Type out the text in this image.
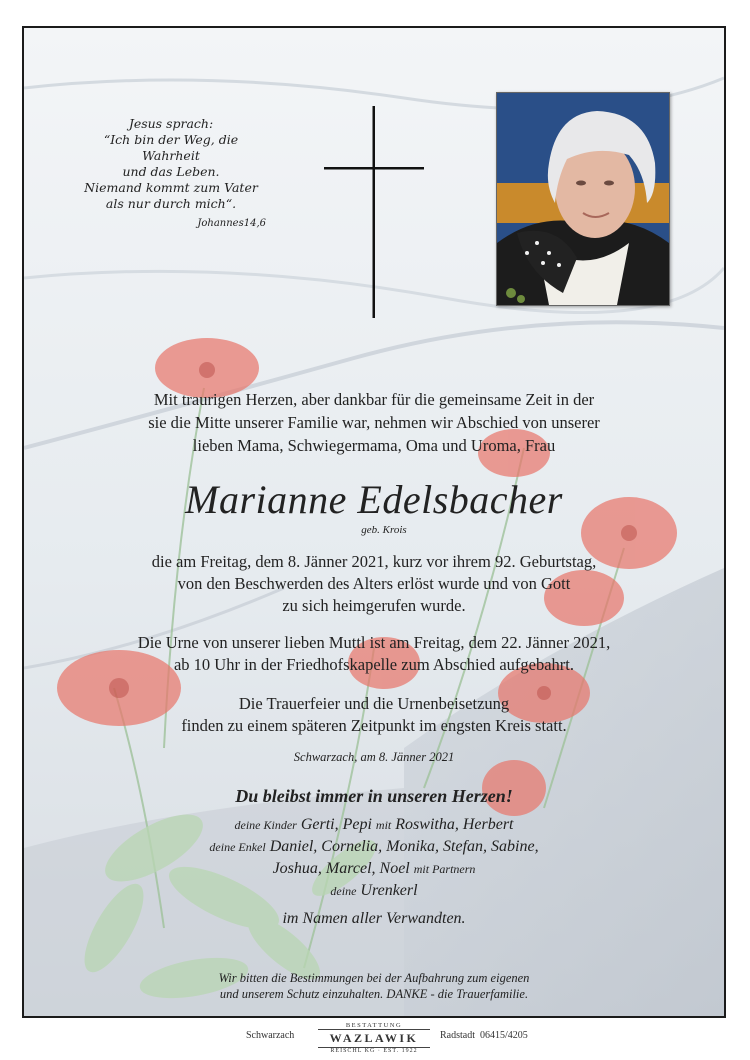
Jesus sprach:
“Ich bin der Weg, die Wahrheit
und das Leben.
Niemand kommt zum Vater
als nur durch mich“.
Johannes14,6
Mit traurigen Herzen, aber dankbar für die gemeinsame Zeit in der
sie die Mitte unserer Familie war, nehmen wir Abschied von unserer
lieben Mama, Schwiegermama, Oma und Uroma, Frau
Marianne Edelsbacher
geb. Krois
die am Freitag, dem 8. Jänner 2021, kurz vor ihrem 92. Geburtstag,
von den Beschwerden des Alters erlöst wurde und von Gott
zu sich heimgerufen wurde.
Die Urne von unserer lieben Muttl ist am Freitag, dem 22. Jänner 2021,
ab 10 Uhr in der Friedhofskapelle zum Abschied aufgebahrt.
Die Trauerfeier und die Urnenbeisetzung
finden zu einem späteren Zeitpunkt im engsten Kreis statt.
Schwarzach, am 8. Jänner 2021
Du bleibst immer in unseren Herzen!
deine Kinder Gerti, Pepi mit Roswitha, Herbert
deine Enkel Daniel, Cornelia, Monika, Stefan, Sabine,
Joshua, Marcel, Noel mit Partnern
deine Urenkerl
im Namen aller Verwandten.
Wir bitten die Bestimmungen bei der Aufbahrung zum eigenen
und unserem Schutz einzuhalten. DANKE - die Trauerfamilie.
Schwarzach
BESTATTUNG
WAZLAWIK
REISCHL KG · EST. 1922
Radstadt 06415/4205
